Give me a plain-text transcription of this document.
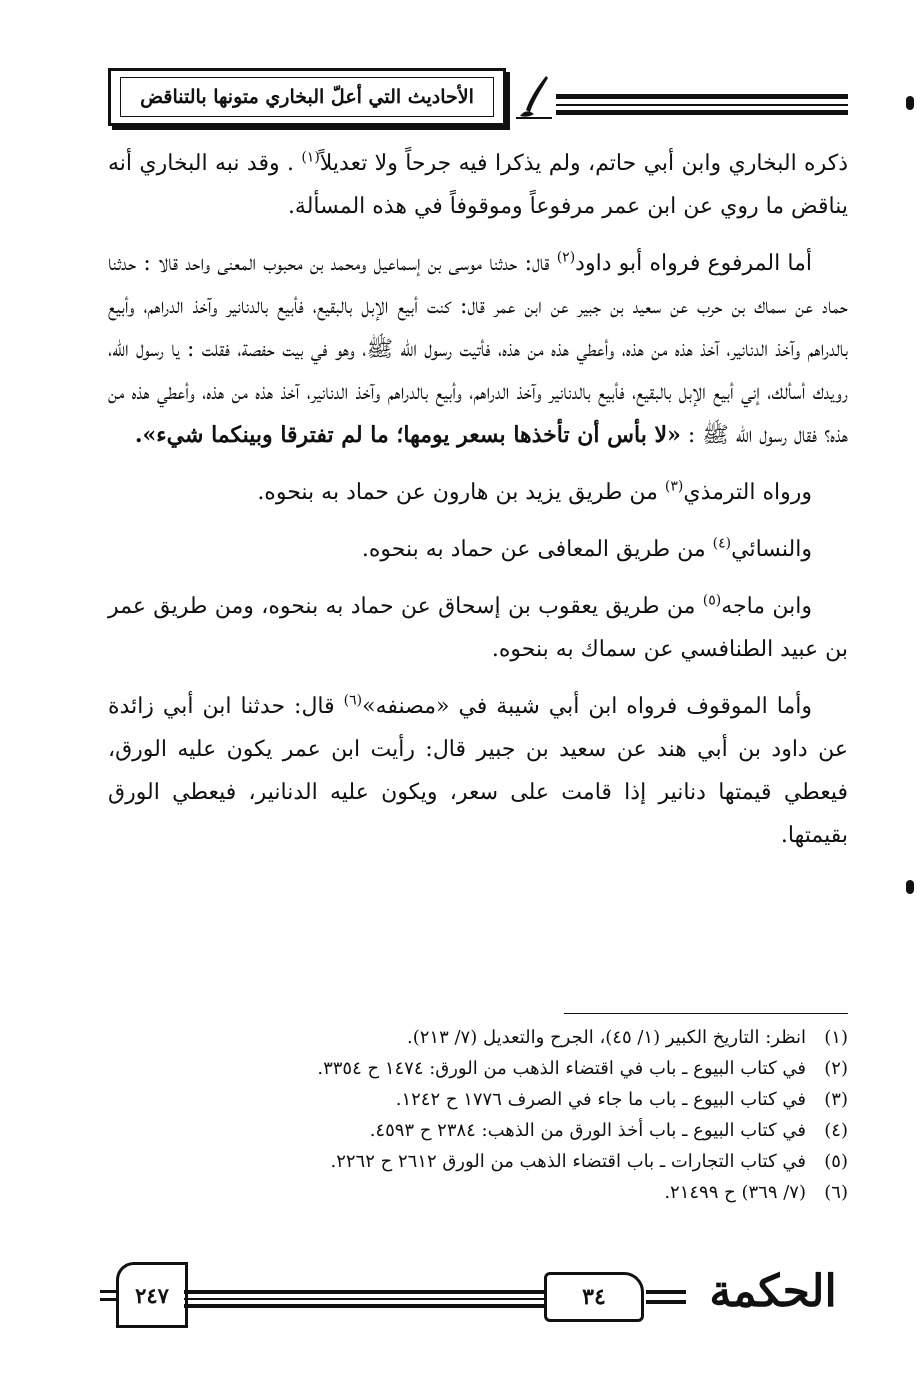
الأحاديث التي أعلّ البخاري متونها بالتناقض

ذكره البخاري وابن أبي حاتم، ولم يذكرا فيه جرحاً ولا تعديلاً$^{(١)}$ . وقد نبه البخاري أنه يناقض ما روي عن ابن عمر مرفوعاً وموقوفاً في هذه المسألة.

أما المرفوع فرواه أبو داود$^{(٢)}$ قال: حدثنا موسى بن إسماعيل ومحمد بن محبوب المعنى واحد قالا : حدثنا حماد عن سماك بن حرب عن سعيد بن جبير عن ابن عمر قال: كنت أبيع الإبل بالبقيع، فأبيع بالدنانير وآخذ الدراهم، وأبيع بالدراهم وآخذ الدنانير، آخذ هذه من هذه، وأعطي هذه من هذه، فأتيت رسول الله ﷺ، وهو في بيت حفصة، فقلت : يا رسول الله، رويدك أسألك، إني أبيع الإبل بالبقيع، فأبيع بالدنانير وآخذ الدراهم، وأبيع بالدراهم وآخذ الدنانير، آخذ هذه من هذه، وأعطي هذه من هذه؟ فقال رسول الله ﷺ : «لا بأس أن تأخذها بسعر يومها؛ ما لم تفترقا وبينكما شيء».

ورواه الترمذي$^{(٣)}$ من طريق يزيد بن هارون عن حماد به بنحوه.

والنسائي$^{(٤)}$ من طريق المعافى عن حماد به بنحوه.

وابن ماجه$^{(٥)}$ من طريق يعقوب بن إسحاق عن حماد به بنحوه، ومن طريق عمر بن عبيد الطنافسي عن سماك به بنحوه.

وأما الموقوف فرواه ابن أبي شيبة في «مصنفه»$^{(٦)}$ قال: حدثنا ابن أبي زائدة عن داود بن أبي هند عن سعيد بن جبير قال: رأيت ابن عمر يكون عليه الورق، فيعطي قيمتها دنانير إذا قامت على سعر، ويكون عليه الدنانير، فيعطي الورق بقيمتها.

(١)
انظر: التاريخ الكبير (١/ ٤٥)، الجرح والتعديل (٧/ ٢١٣).
(٢)
في كتاب البيوع ـ باب في اقتضاء الذهب من الورق: ١٤٧٤ ح ٣٣٥٤.
(٣)
في كتاب البيوع ـ باب ما جاء في الصرف ١٧٧٦ ح ١٢٤٢.
(٤)
في كتاب البيوع ـ باب أخذ الورق من الذهب: ٢٣٨٤ ح ٤٥٩٣.
(٥)
في كتاب التجارات ـ باب اقتضاء الذهب من الورق ٢٦١٢ ح ٢٢٦٢.
(٦)
(٧/ ٣٦٩) ح ٢١٤٩٩.
٢٤٧	٣٤	الحكمة
